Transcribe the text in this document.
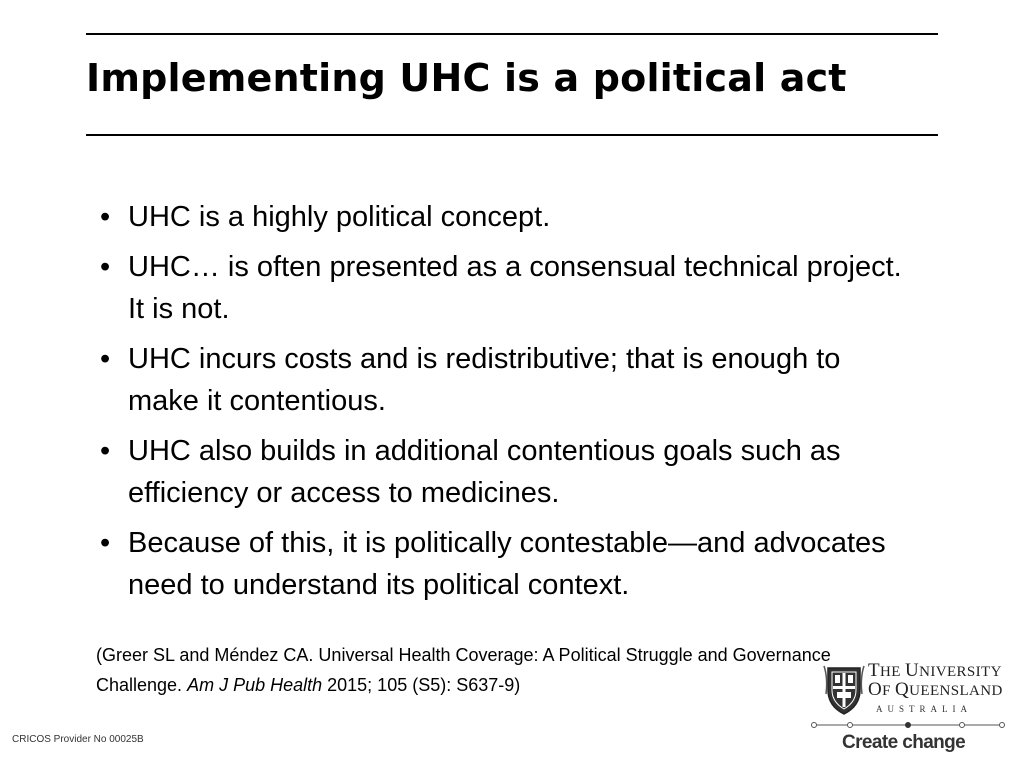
Implementing UHC is a political act
• UHC is a highly political concept.
• UHC… is often presented as a consensual technical project. It is not.
• UHC incurs costs and is redistributive; that is enough to make it contentious.
• UHC also builds in additional contentious goals such as efficiency or access to medicines.
• Because of this, it is politically contestable—and advocates need to understand its political context.

(Greer SL and Méndez CA. Universal Health Coverage: A Political Struggle and Governance Challenge. Am J Pub Health 2015; 105 (S5): S637-9)

CRICOS Provider No 00025B
THE UNIVERSITY
OF QUEENSLAND
AUSTRALIA
Create change
